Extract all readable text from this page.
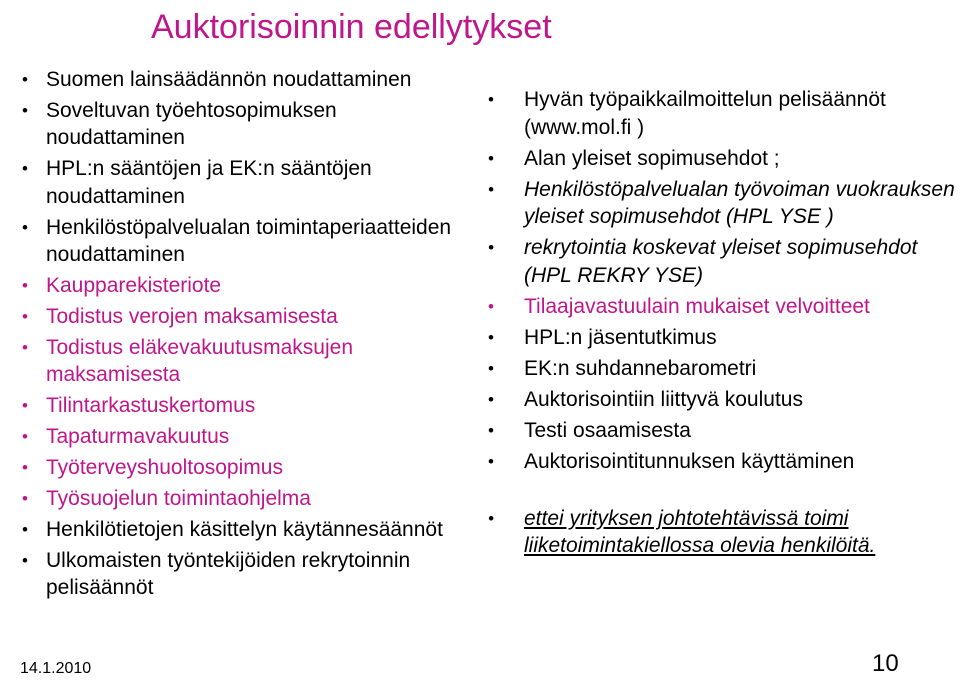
Auktorisoinnin edellytykset
• Suomen lainsäädännön noudattaminen
• Soveltuvan työehtosopimuksen noudattaminen
• HPL:n sääntöjen ja EK:n sääntöjen noudattaminen
• Henkilöstöpalvelualan toimintaperiaatteiden noudattaminen
• Kaupparekisteriote
• Todistus verojen maksamisesta
• Todistus eläkevakuutusmaksujen maksamisesta
• Tilintarkastuskertomus
• Tapaturmavakuutus
• Työterveyshuoltosopimus
• Työsuojelun toimintaohjelma
• Henkilötietojen käsittelyn käytännesäännöt
• Ulkomaisten työntekijöiden rekrytoinnin pelisäännöt
• Hyvän työpaikkailmoittelun pelisäännöt (www.mol.fi )
• Alan yleiset sopimusehdot ;
• Henkilöstöpalvelualan työvoiman vuokrauksen yleiset sopimusehdot (HPL YSE )
• rekrytointia koskevat yleiset sopimusehdot (HPL REKRY YSE)
• Tilaajavastuulain mukaiset velvoitteet
• HPL:n jäsentutkimus
• EK:n suhdannebarometri
• Auktorisointiin liittyvä koulutus
• Testi osaamisesta
• Auktorisointitunnuksen käyttäminen
• ettei yrityksen johtotehtävissä toimi liiketoimintakiellossa olevia henkilöitä.
14.1.2010	10
